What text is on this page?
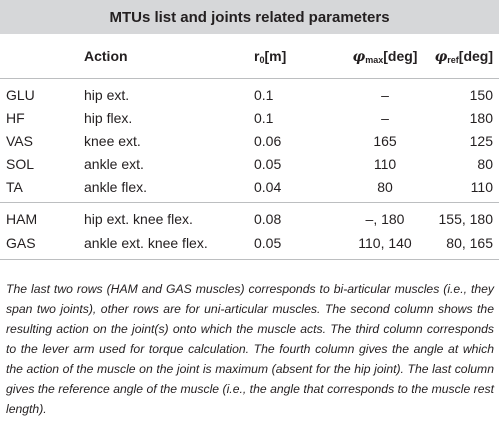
MTUs list and joints related parameters
	Action	$r_0[m]$	$\varphi_{max}[deg]$	$\varphi_{ref}[deg]$
GLU	hip ext.	0.1	–	150
HF	hip flex.	0.1	–	180
VAS	knee ext.	0.06	165	125
SOL	ankle ext.	0.05	110	80
TA	ankle flex.	0.04	80	110
HAM	hip ext. knee flex.	0.08	–, 180	155, 180
GAS	ankle ext. knee flex.	0.05	110, 140	80, 165
The last two rows (HAM and GAS muscles) corresponds to bi-articular muscles (i.e., they span two joints), other rows are for uni-articular muscles. The second column shows the resulting action on the joint(s) onto which the muscle acts. The third column corresponds to the lever arm used for torque calculation. The fourth column gives the angle at which the action of the muscle on the joint is maximum (absent for the hip joint). The last column gives the reference angle of the muscle (i.e., the angle that corresponds to the muscle rest length).
